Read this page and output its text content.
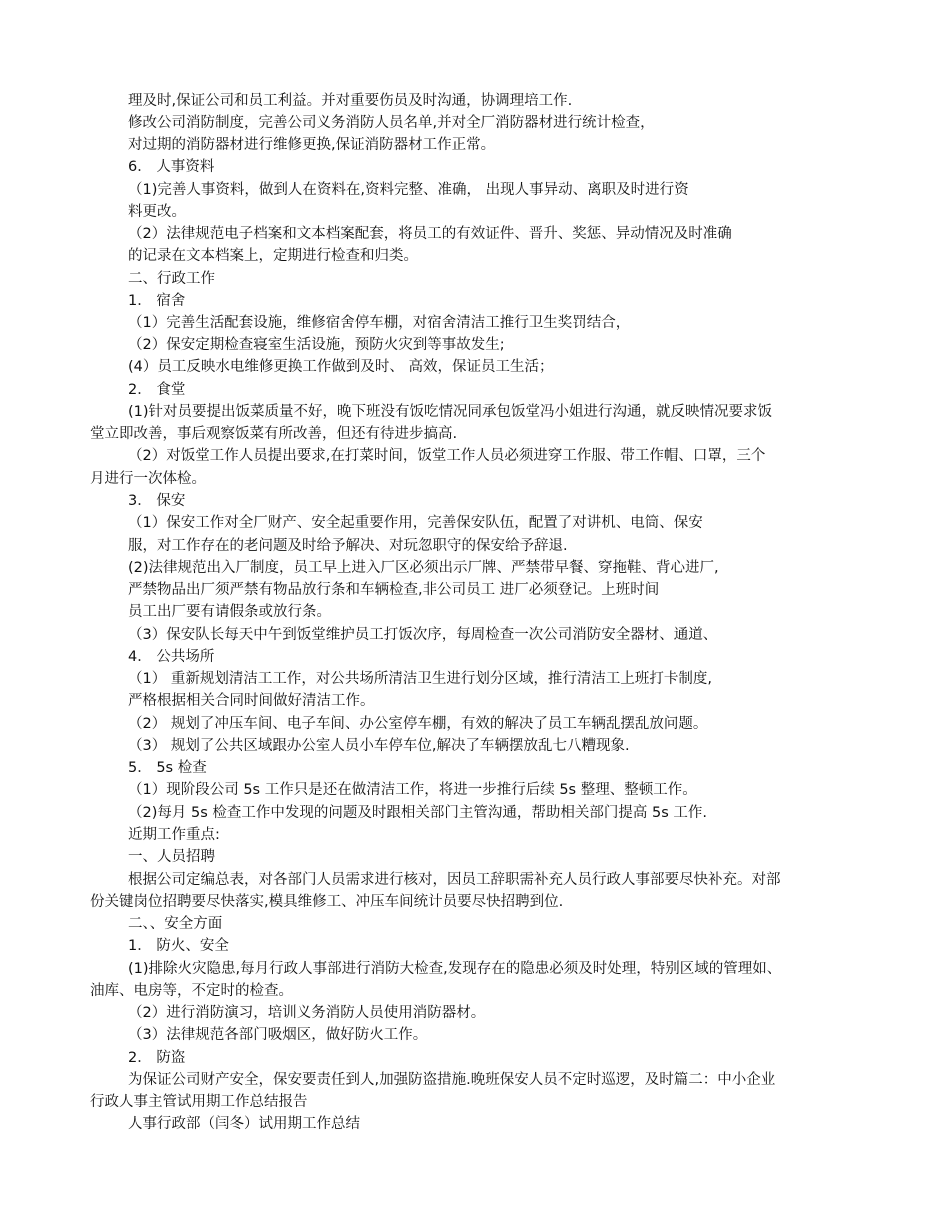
理及时,保证公司和员工利益。并对重要伤员及时沟通，协调理培工作.
修改公司消防制度，完善公司义务消防人员名单,并对全厂消防器材进行统计检查，
对过期的消防器材进行维修更换,保证消防器材工作正常。
6． 人事资料
（1)完善人事资料，做到人在资料在,资料完整、准确， 出现人事异动、离职及时进行资
料更改。
（2）法律规范电子档案和文本档案配套，将员工的有效证件、晋升、奖惩、异动情况及时准确
的记录在文本档案上，定期进行检查和归类。
二、行政工作
1． 宿舍
（1）完善生活配套设施，维修宿舍停车棚，对宿舍清洁工推行卫生奖罚结合，
（2）保安定期检查寝室生活设施，预防火灾到等事故发生;
(4）员工反映水电维修更换工作做到及时、 高效，保证员工生活；
2． 食堂
(1)针对员要提出饭菜质量不好，晚下班没有饭吃情况同承包饭堂冯小姐进行沟通，就反映情况要求饭
堂立即改善，事后观察饭菜有所改善，但还有待进步搞高.
（2）对饭堂工作人员提出要求,在打菜时间，饭堂工作人员必须进穿工作服、带工作帽、口罩，三个
月进行一次体检。
3． 保安
（1）保安工作对全厂财产、安全起重要作用，完善保安队伍，配置了对讲机、电筒、保安
服，对工作存在的老问题及时给予解决、对玩忽职守的保安给予辞退.
(2)法律规范出入厂制度，员工早上进入厂区必须出示厂牌、严禁带早餐、穿拖鞋、背心进厂,
严禁物品出厂须严禁有物品放行条和车辆检查,非公司员工 进厂必须登记。上班时间
员工出厂要有请假条或放行条。
（3）保安队长每天中午到饭堂维护员工打饭次序，每周检查一次公司消防安全器材、通道、
4． 公共场所
（1） 重新规划清洁工工作，对公共场所清洁卫生进行划分区域，推行清洁工上班打卡制度,
严格根据相关合同时间做好清洁工作。
（2） 规划了冲压车间、电子车间、办公室停车棚，有效的解决了员工车辆乱摆乱放问题。
（3） 规划了公共区域跟办公室人员小车停车位,解决了车辆摆放乱七八糟现象.
5． 5s 检查
（1）现阶段公司 5s 工作只是还在做清洁工作，将进一步推行后续 5s 整理、整顿工作。
（2)每月 5s 检查工作中发现的问题及时跟相关部门主管沟通，帮助相关部门提高 5s 工作.
近期工作重点:
一、人员招聘
根据公司定编总表，对各部门人员需求进行核对，因员工辞职需补充人员行政人事部要尽快补充。对部
份关键岗位招聘要尽快落实,模具维修工、冲压车间统计员要尽快招聘到位.
二、、安全方面
1． 防火、安全
(1)排除火灾隐患,每月行政人事部进行消防大检查,发现存在的隐患必须及时处理，特别区域的管理如、
油库、电房等，不定时的检查。
（2）进行消防演习，培训义务消防人员使用消防器材。
（3）法律规范各部门吸烟区，做好防火工作。
2． 防盗
为保证公司财产安全，保安要责任到人,加强防盗措施.晚班保安人员不定时巡逻，及时篇二：中小企业
行政人事主管试用期工作总结报告
人事行政部（闫冬）试用期工作总结
